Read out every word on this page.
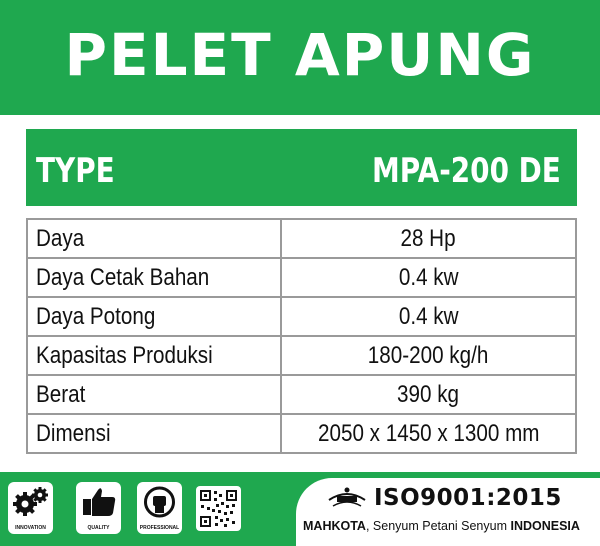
PELET APUNG
TYPE	MPA-200 DE
Daya	28 Hp
Daya Cetak Bahan	0.4 kw
Daya Potong	0.4 kw
Kapasitas Produksi	180-200 kg/h
Berat	390 kg
Dimensi	2050 x 1450 x 1300 mm
INNOVATION	QUALITY	PROFESSIONAL
ISO9001:2015
MAHKOTA, Senyum Petani Senyum INDONESIA
